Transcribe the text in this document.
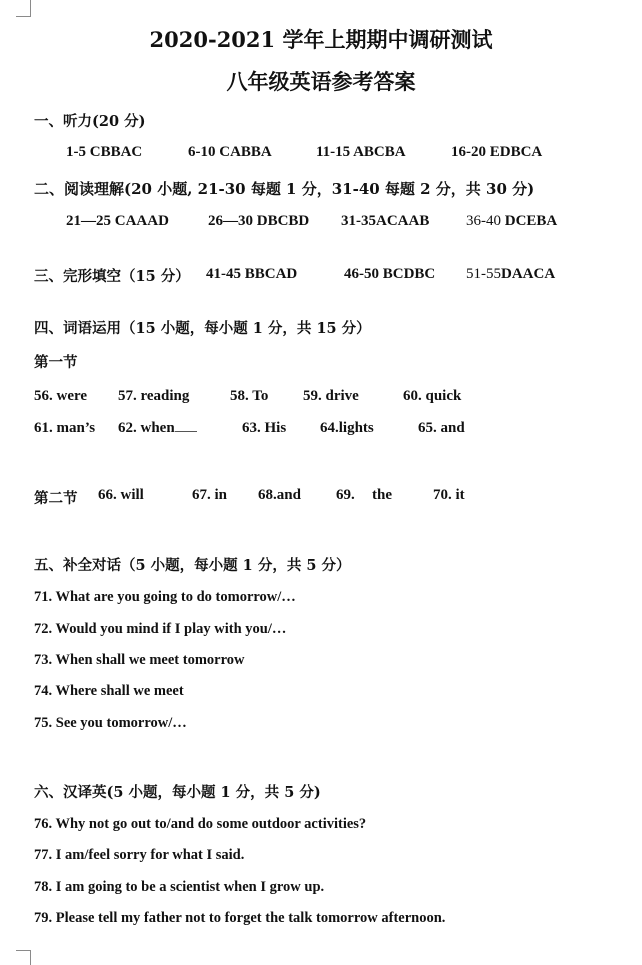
2020-2021 学年上期期中调研测试
八年级英语参考答案
一、听力(20 分)
1-5 CBBAC	6-10 CABBA	11-15 ABCBA	16-20 EDBCA
二、阅读理解(20 小题, 21-30 每题 1 分，31-40 每题 2 分，共 30 分)
21—25 CAAAD	26—30 DBCBD 31-35ACAAB 36-40 DCEBA
三、完形填空（15 分） 41-45 BBCAD	46-50 BCDBC 51-55DAACA
四、词语运用（15 小题，每小题 1 分，共 15 分）
第一节
56. were 57. reading	58. To 59. drive	60. quick
61. man’s 62. when	63. His 64.lights	65. and
第二节 66. will	67. in 68.and 69. the	70. it
五、补全对话（5 小题，每小题 1 分，共 5 分）
71. What are you going to do tomorrow/…
72. Would you mind if I play with you/…
73. When shall we meet tomorrow
74. Where shall we meet
75. See you tomorrow/…
六、汉译英(5 小题，每小题 1 分，共 5 分)
76. Why not go out to/and do some outdoor activities?
77. I am/feel sorry for what I said.
78. I am going to be a scientist when I grow up.
79. Please tell my father not to forget the talk tomorrow afternoon.
